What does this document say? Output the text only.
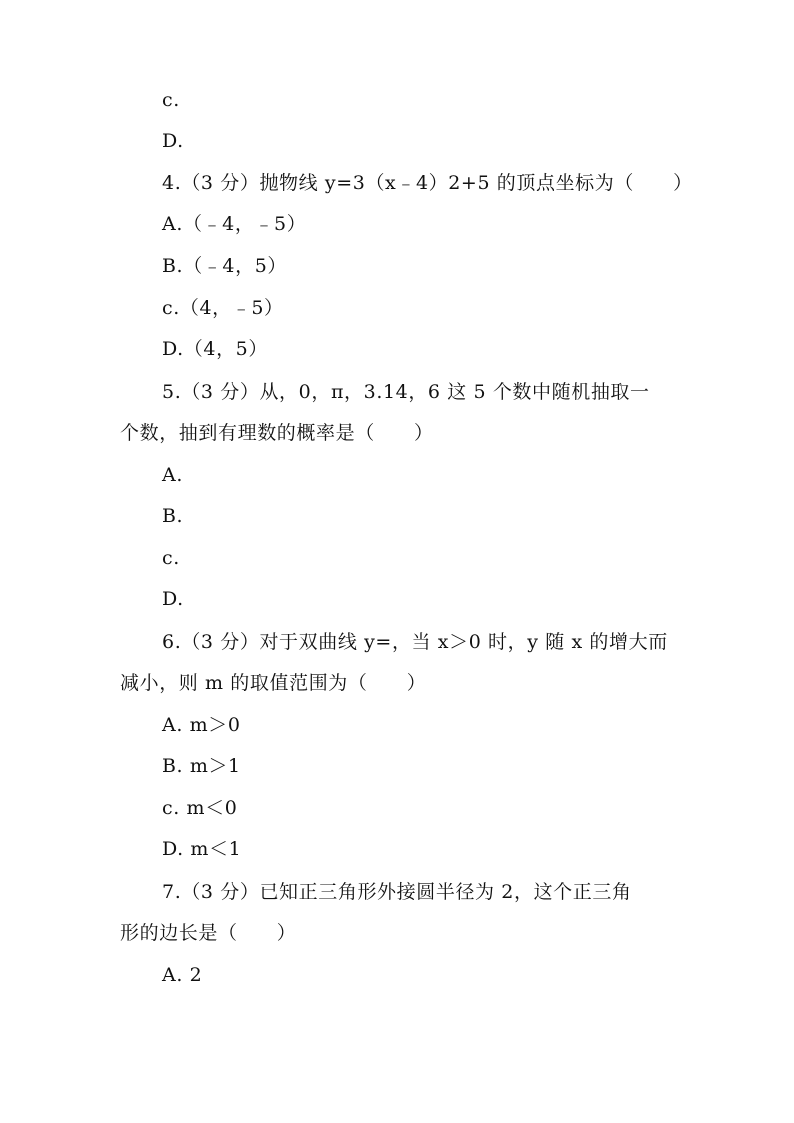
c.
D.
4.（3 分）抛物线 y=3（x﹣4）2+5 的顶点坐标为（　　）
A.（﹣4，﹣5）
B.（﹣4，5）
c.（4，﹣5）
D.（4，5）
5.（3 分）从，0，π，3.14，6 这 5 个数中随机抽取一
个数，抽到有理数的概率是（　　）
A.
B.
c.
D.
6.（3 分）对于双曲线 y=，当 x＞0 时，y 随 x 的增大而
减小，则 m 的取值范围为（　　）
A. m＞0
B. m＞1
c. m＜0
D. m＜1
7.（3 分）已知正三角形外接圆半径为 2，这个正三角
形的边长是（　　）
A. 2
